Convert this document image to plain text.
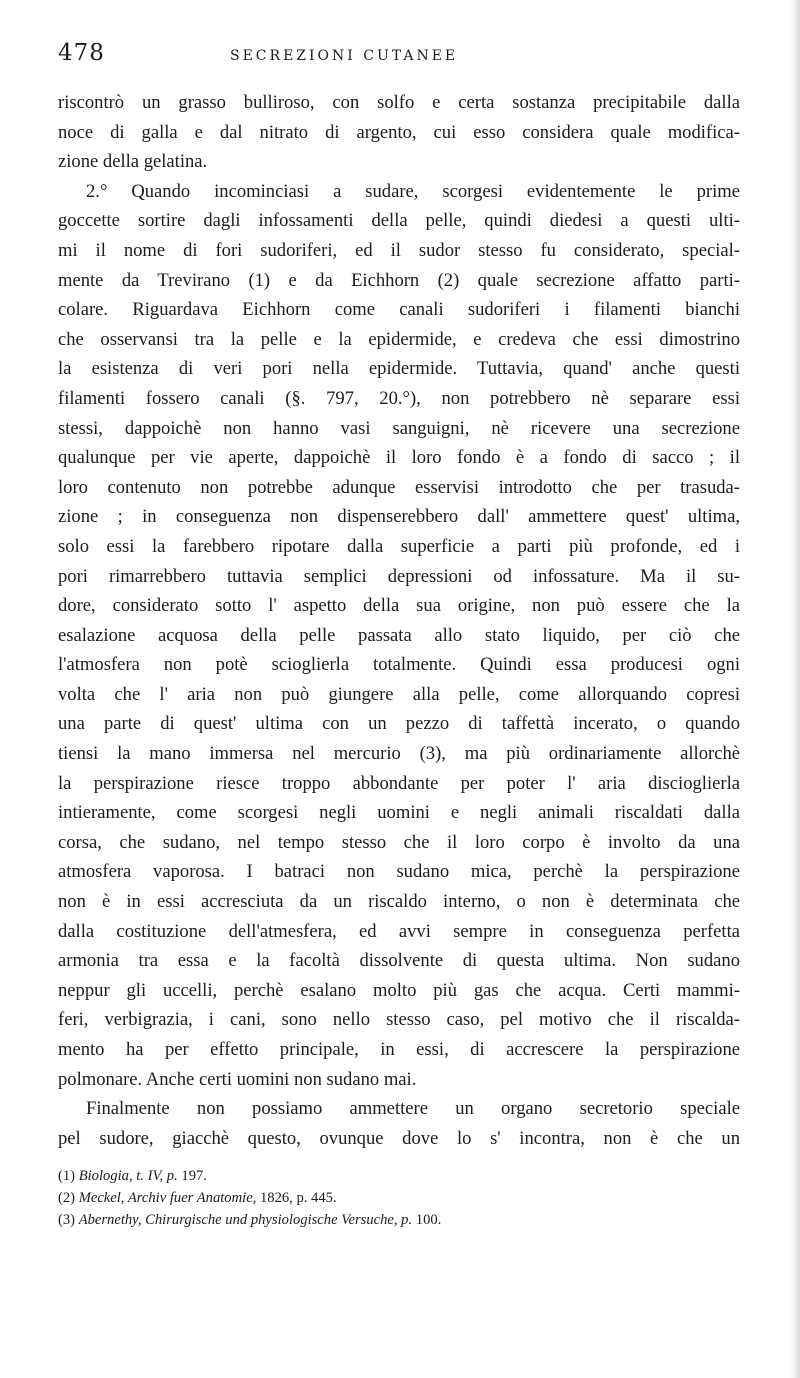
478	SECREZIONI CUTANEE
riscontrò un grasso bulliroso, con solfo e certa sostanza precipitabile dalla
noce di galla e dal nitrato di argento, cui esso considera quale modifica-
zione della gelatina.
2.° Quando incominciasi a sudare, scorgesi evidentemente le prime
goccette sortire dagli infossamenti della pelle, quindi diedesi a questi ulti-
mi il nome di fori sudoriferi, ed il sudor stesso fu considerato, special-
mente da Trevirano (1) e da Eichhorn (2) quale secrezione affatto parti-
colare. Riguardava Eichhorn come canali sudoriferi i filamenti bianchi
che osservansi tra la pelle e la epidermide, e credeva che essi dimostrino
la esistenza di veri pori nella epidermide. Tuttavia, quand' anche questi
filamenti fossero canali (§. 797, 20.°), non potrebbero nè separare essi
stessi, dappoichè non hanno vasi sanguigni, nè ricevere una secrezione
qualunque per vie aperte, dappoichè il loro fondo è a fondo di sacco ; il
loro contenuto non potrebbe adunque esservisi introdotto che per trasuda-
zione ; in conseguenza non dispenserebbero dall' ammettere quest' ultima,
solo essi la farebbero ripotare dalla superficie a parti più profonde, ed i
pori rimarrebbero tuttavia semplici depressioni od infossature. Ma il su-
dore, considerato sotto l' aspetto della sua origine, non può essere che la
esalazione acquosa della pelle passata allo stato liquido, per ciò che
l'atmosfera non potè scioglierla totalmente. Quindi essa producesi ogni
volta che l' aria non può giungere alla pelle, come allorquando copresi
una parte di quest' ultima con un pezzo di taffettà incerato, o quando
tiensi la mano immersa nel mercurio (3), ma più ordinariamente allorchè
la perspirazione riesce troppo abbondante per poter l' aria discioglierla
intieramente, come scorgesi negli uomini e negli animali riscaldati dalla
corsa, che sudano, nel tempo stesso che il loro corpo è involto da una
atmosfera vaporosa. I batraci non sudano mica, perchè la perspirazione
non è in essi accresciuta da un riscaldo interno, o non è determinata che
dalla costituzione dell'atmesfera, ed avvi sempre in conseguenza perfetta
armonia tra essa e la facoltà dissolvente di questa ultima. Non sudano
neppur gli uccelli, perchè esalano molto più gas che acqua. Certi mammi-
feri, verbigrazia, i cani, sono nello stesso caso, pel motivo che il riscalda-
mento ha per effetto principale, in essi, di accrescere la perspirazione
polmonare. Anche certi uomini non sudano mai.
Finalmente non possiamo ammettere un organo secretorio speciale
pel sudore, giacchè questo, ovunque dove lo s' incontra, non è che un
(1) Biologia, t. IV, p. 197.
(2) Meckel, Archiv fuer Anatomie, 1826, p. 445.
(3) Abernethy, Chirurgische und physiologische Versuche, p. 100.
